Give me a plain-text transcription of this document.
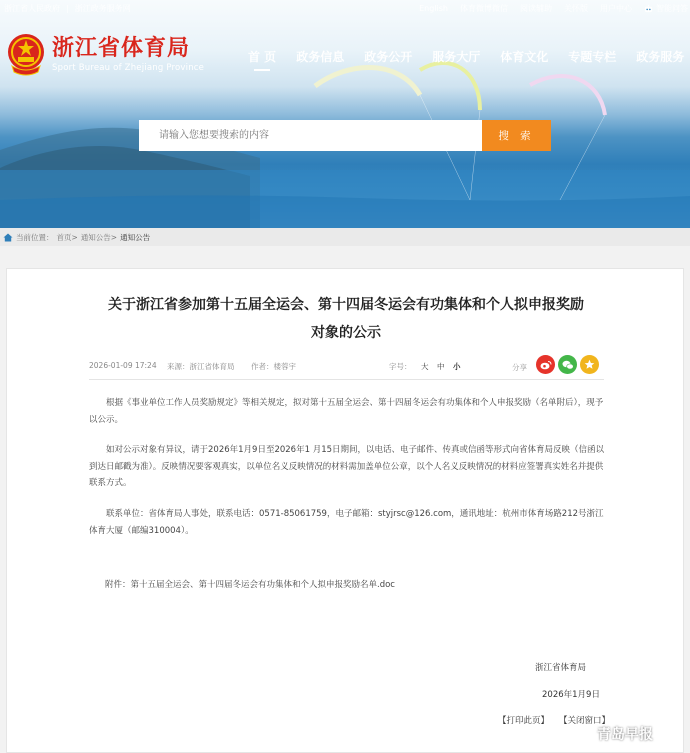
浙江省人民政府 | 浙江政务服务网	English 体育微博微信 阅读辅助 关怀版 用户中心	智能问答
浙江省体育局
Sport Bureau of Zhejiang Province
首 页 政务信息 政务公开 服务大厅 体育文化 专题专栏 政务服务
请输入您想要搜索的内容
搜 索
当前位置： 首页> 通知公告> 通知公告
关于浙江省参加第十五届全运会、第十四届冬运会有功集体和个人拟申报奖励
对象的公示
2026-01-09 17:24 来源：浙江省体育局 作者：楼蓉宇	字号： 大 中 小	分享
根据《事业单位工作人员奖励规定》等相关规定，拟对第十五届全运会、第十四届冬运会有功集体和个人申报奖励（名单附后），现予以公示。
如对公示对象有异议，请于2026年1月9日至2026年1 月15日期间，以电话、电子邮件、传真或信函等形式向省体育局反映（信函以到达日邮戳为准）。反映情况要客观真实，以单位名义反映情况的材料需加盖单位公章，以个人名义反映情况的材料应签署真实姓名并提供联系方式。
联系单位：省体育局人事处，联系电话：0571-85061759，电子邮箱：styjrsc@126.com，通讯地址：杭州市体育场路212号浙江体育大厦（邮编310004）。
附件：第十五届全运会、第十四届冬运会有功集体和个人拟申报奖励名单.doc
浙江省体育局
2026年1月9日
【打印此页】 【关闭窗口】
青岛早报
